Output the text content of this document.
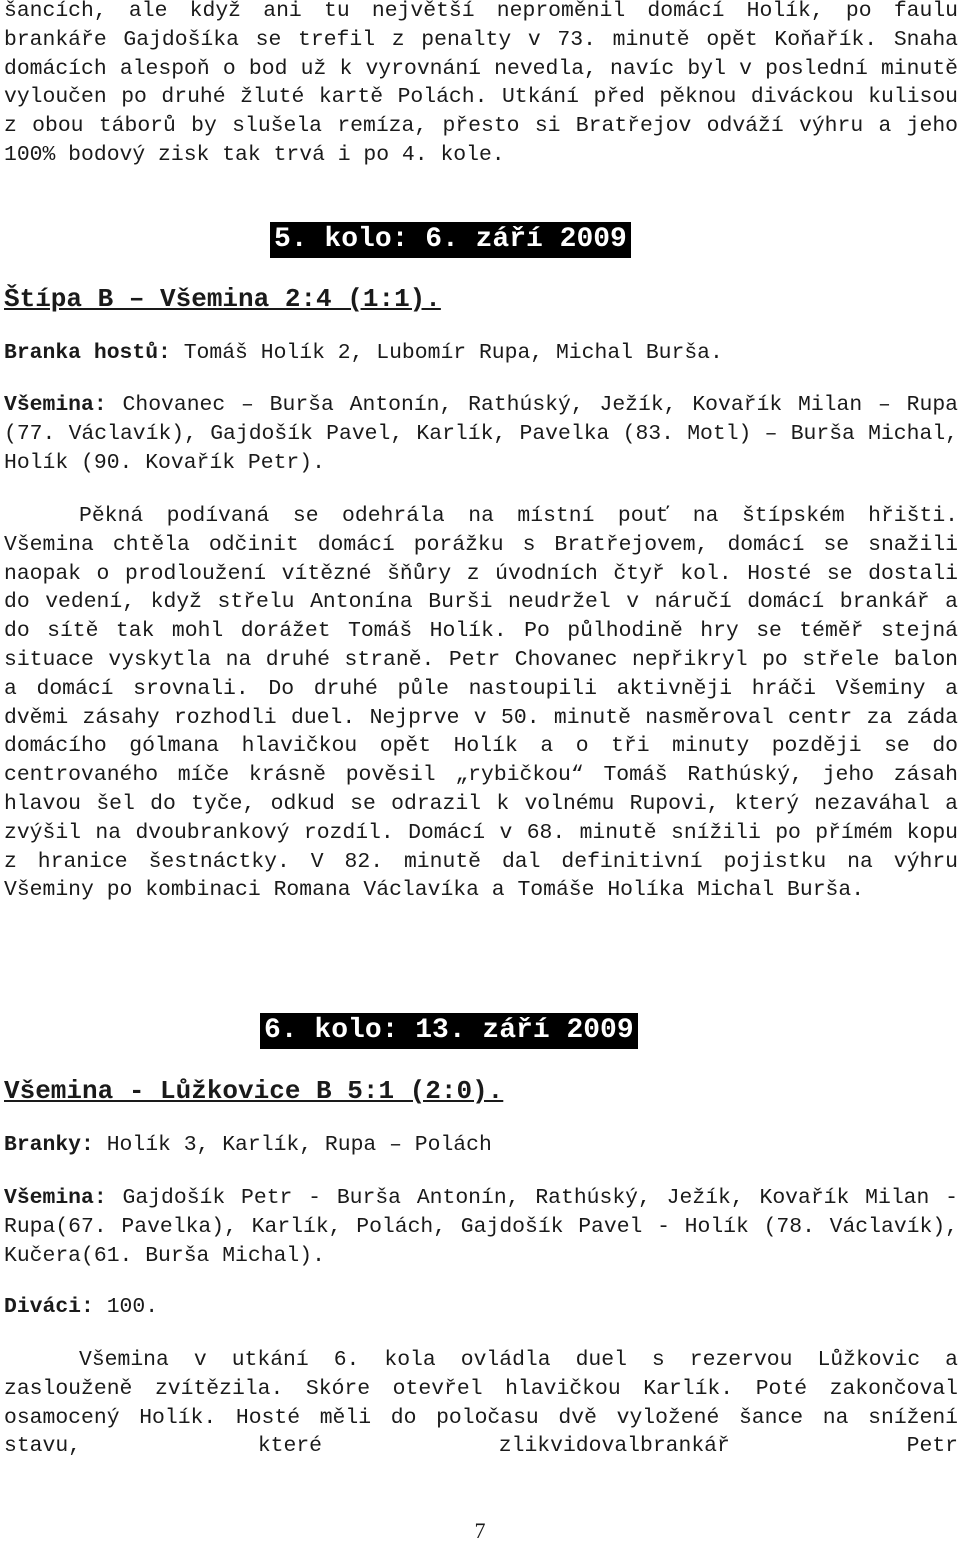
šancích, ale když ani tu největší neproměnil domácí Holík, po faulu brankáře Gajdošíka se trefil z penalty v 73. minutě opět Koňařík. Snaha domácích alespoň o bod už k vyrovnání nevedla, navíc byl v poslední minutě vyloučen po druhé žluté kartě Polách. Utkání před pěknou diváckou kulisou z obou táborů by slušela remíza, přesto si Bratřejov odváží výhru a jeho 100% bodový zisk tak trvá i po 4. kole.

5. kolo: 6. září 2009
Štípa B – Všemina 2:4 (1:1).

Branka hostů: Tomáš Holík 2, Lubomír Rupa, Michal Burša.

Všemina: Chovanec – Burša Antonín, Rathúský, Ježík, Kovařík Milan – Rupa (77. Václavík), Gajdošík Pavel, Karlík, Pavelka (83. Motl) – Burša Michal, Holík (90. Kovařík Petr).

Pěkná podívaná se odehrála na místní pouť na štípském hřišti. Všemina chtěla odčinit domácí porážku s Bratřejovem, domácí se snažili naopak o prodloužení vítězné šňůry z úvodních čtyř kol. Hosté se dostali do vedení, když střelu Antonína Burši neudržel v náručí domácí brankář a do sítě tak mohl dorážet Tomáš Holík. Po půlhodině hry se téměř stejná situace vyskytla na druhé straně. Petr Chovanec nepřikryl po střele balon a domácí srovnali. Do druhé půle nastoupili aktivněji hráči Všeminy a dvěmi zásahy rozhodli duel. Nejprve v 50. minutě nasměroval centr za záda domácího gólmana hlavičkou opět Holík a o tři minuty později se do centrovaného míče krásně pověsil „rybičkou“ Tomáš Rathúský, jeho zásah hlavou šel do tyče, odkud se odrazil k volnému Rupovi, který nezaváhal a zvýšil na dvoubrankový rozdíl. Domácí v 68. minutě snížili po přímém kopu z hranice šestnáctky. V 82. minutě dal definitivní pojistku na výhru Všeminy po kombinaci Romana Václavíka a Tomáše Holíka Michal Burša.

6. kolo: 13. září 2009
Všemina - Lůžkovice B 5:1 (2:0).

Branky: Holík 3, Karlík, Rupa – Polách

Všemina: Gajdošík Petr - Burša Antonín, Rathúský, Ježík, Kovařík Milan - Rupa(67. Pavelka), Karlík, Polách, Gajdošík Pavel - Holík (78. Václavík), Kučera(61. Burša Michal).

Diváci: 100.

Všemina v utkání 6. kola ovládla duel s rezervou Lůžkovic a zaslouženě zvítězila. Skóre otevřel hlavičkou Karlík. Poté zakončoval osamocený Holík. Hosté měli do poločasu dvě vyložené šance na snížení stavu, které zlikvidovalbrankář Petr

7
